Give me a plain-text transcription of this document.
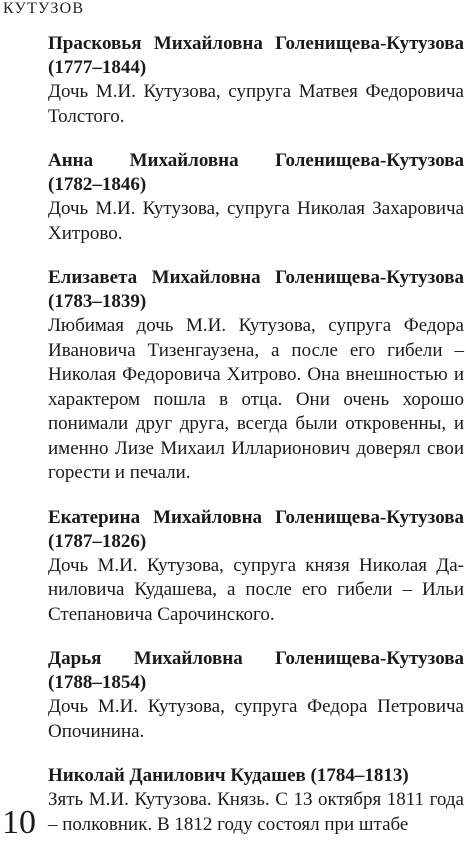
КУТУЗОВ
Прасковья Михайловна Голенищева-Кутузова
(1777–1844)
Дочь М.И. Кутузова, супруга Матвея Федоровича Толстого.
Анна Михайловна Голенищева-Кутузова
(1782–1846)
Дочь М.И. Кутузова, супруга Николая Захаровича Хитрово.
Елизавета Михайловна Голенищева-Кутузова
(1783–1839)
Любимая дочь М.И. Кутузова, супруга Федора Ивановича Тизенгаузена, а после его гибели – Николая Федоровича Хитрово. Она внешностью и характером пошла в отца. Они очень хорошо понимали друг друга, всегда были откровенны, и именно Лизе Михаил Илларионович доверял свои горести и печали.
Екатерина Михайловна Голенищева-Кутузова
(1787–1826)
Дочь М.И. Кутузова, супруга князя Николая Даниловича Кудашева, а после его гибели – Ильи Степановича Сарочинского.
Дарья Михайловна Голенищева-Кутузова
(1788–1854)
Дочь М.И. Кутузова, супруга Федора Петровича Опочинина.
Николай Данилович Кудашев (1784–1813)
Зять М.И. Кутузова. Князь. С 13 октября 1811 года – полковник. В 1812 году состоял при штабе
10
